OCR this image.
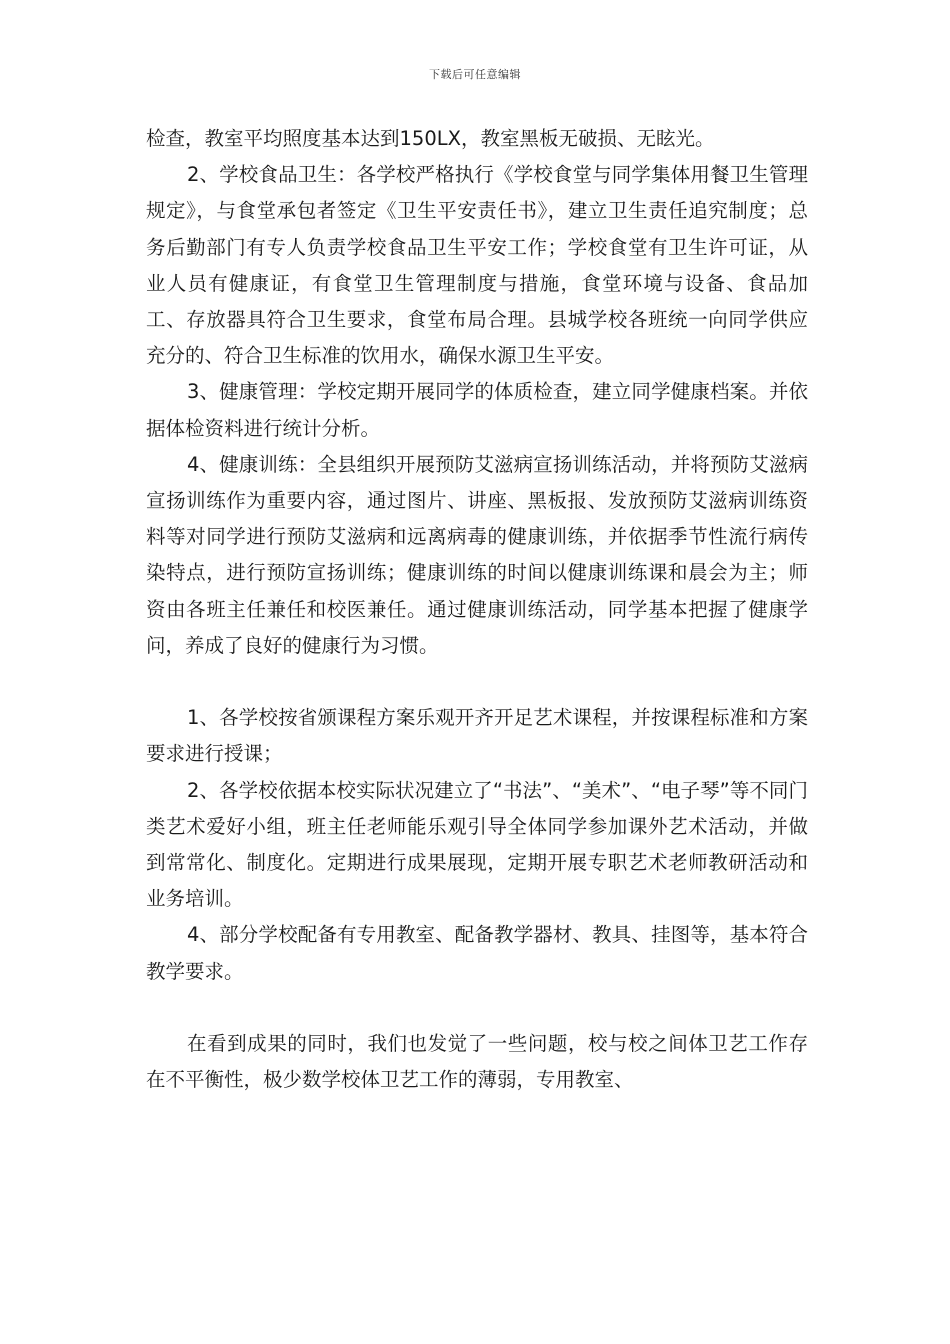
下载后可任意编辑

检查，教室平均照度基本达到150LX，教室黑板无破损、无眩光。

2、学校食品卫生：各学校严格执行《学校食堂与同学集体用餐卫生管理规定》，与食堂承包者签定《卫生平安责任书》，建立卫生责任追究制度；总务后勤部门有专人负责学校食品卫生平安工作；学校食堂有卫生许可证，从业人员有健康证，有食堂卫生管理制度与措施，食堂环境与设备、食品加工、存放器具符合卫生要求，食堂布局合理。县城学校各班统一向同学供应充分的、符合卫生标准的饮用水，确保水源卫生平安。

3、健康管理：学校定期开展同学的体质检查，建立同学健康档案。并依据体检资料进行统计分析。

4、健康训练：全县组织开展预防艾滋病宣扬训练活动，并将预防艾滋病宣扬训练作为重要内容，通过图片、讲座、黑板报、发放预防艾滋病训练资料等对同学进行预防艾滋病和远离病毒的健康训练，并依据季节性流行病传染特点，进行预防宣扬训练；健康训练的时间以健康训练课和晨会为主；师资由各班主任兼任和校医兼任。通过健康训练活动，同学基本把握了健康学问，养成了良好的健康行为习惯。

1、各学校按省颁课程方案乐观开齐开足艺术课程，并按课程标准和方案要求进行授课；

2、各学校依据本校实际状况建立了“书法”、“美术”、“电子琴”等不同门类艺术爱好小组，班主任老师能乐观引导全体同学参加课外艺术活动，并做到常常化、制度化。定期进行成果展现，定期开展专职艺术老师教研活动和业务培训。

4、部分学校配备有专用教室、配备教学器材、教具、挂图等，基本符合教学要求。

在看到成果的同时，我们也发觉了一些问题，校与校之间体卫艺工作存在不平衡性，极少数学校体卫艺工作的薄弱，专用教室、
